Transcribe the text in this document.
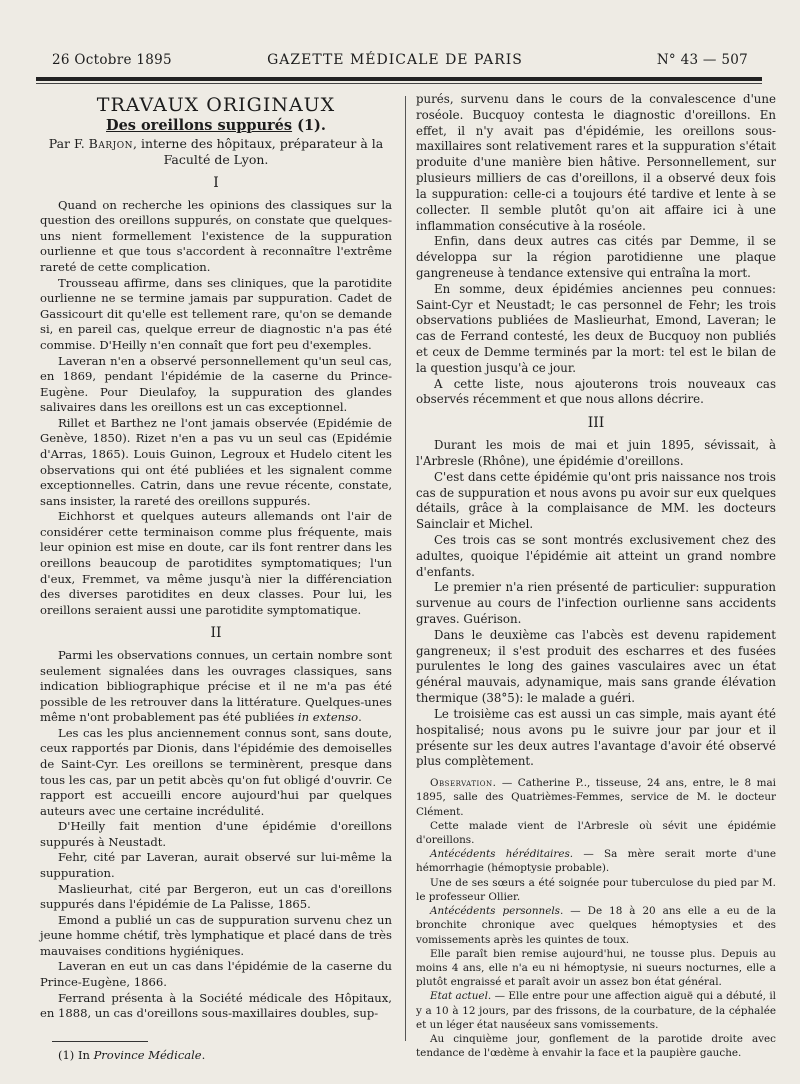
26 Octobre 1895	GAZETTE MÉDICALE DE PARIS	N° 43 — 507
TRAVAUX ORIGINAUX
Des oreillons suppurés (1).
Par F. Barjon, interne des hôpitaux, préparateur à la Faculté de Lyon.
I

Quand on recherche les opinions des classiques sur la question des oreillons suppurés, on constate que quelques-uns nient formellement l'existence de la suppuration ourlienne et que tous s'accordent à reconnaître l'extrême rareté de cette complication.

Trousseau affirme, dans ses cliniques, que la parotidite ourlienne ne se termine jamais par suppuration. Cadet de Gassicourt dit qu'elle est tellement rare, qu'on se demande si, en pareil cas, quelque erreur de diagnostic n'a pas été commise. D'Heilly n'en connaît que fort peu d'exemples.

Laveran n'en a observé personnellement qu'un seul cas, en 1869, pendant l'épidémie de la caserne du Prince-Eugène. Pour Dieulafoy, la suppuration des glandes salivaires dans les oreillons est un cas exceptionnel.

Rillet et Barthez ne l'ont jamais observée (Epidémie de Genève, 1850). Rizet n'en a pas vu un seul cas (Epidémie d'Arras, 1865). Louis Guinon, Legroux et Hudelo citent les observations qui ont été publiées et les signalent comme exceptionnelles. Catrin, dans une revue récente, constate, sans insister, la rareté des oreillons suppurés.

Eichhorst et quelques auteurs allemands ont l'air de considérer cette terminaison comme plus fréquente, mais leur opinion est mise en doute, car ils font rentrer dans les oreillons beaucoup de parotidites symptomatiques; l'un d'eux, Fremmet, va même jusqu'à nier la différenciation des diverses parotidites en deux classes. Pour lui, les oreillons seraient aussi une parotidite symptomatique.

II

Parmi les observations connues, un certain nombre sont seulement signalées dans les ouvrages classiques, sans indication bibliographique précise et il ne m'a pas été possible de les retrouver dans la littérature. Quelques-unes même n'ont probablement pas été publiées in extenso.

Les cas les plus anciennement connus sont, sans doute, ceux rapportés par Dionis, dans l'épidémie des demoiselles de Saint-Cyr. Les oreillons se terminèrent, presque dans tous les cas, par un petit abcès qu'on fut obligé d'ouvrir. Ce rapport est accueilli encore aujourd'hui par quelques auteurs avec une certaine incrédulité.

D'Heilly fait mention d'une épidémie d'oreillons suppurés à Neustadt.

Fehr, cité par Laveran, aurait observé sur lui-même la suppuration.

Maslieurhat, cité par Bergeron, eut un cas d'oreillons suppurés dans l'épidémie de La Palisse, 1865.

Emond a publié un cas de suppuration survenu chez un jeune homme chétif, très lymphatique et placé dans de très mauvaises conditions hygiéniques.

Laveran en eut un cas dans l'épidémie de la caserne du Prince-Eugène, 1866.

Ferrand présenta à la Société médicale des Hôpitaux, en 1888, un cas d'oreillons sous-maxillaires doubles, sup-

purés, survenu dans le cours de la convalescence d'une roséole. Bucquoy contesta le diagnostic d'oreillons. En effet, il n'y avait pas d'épidémie, les oreillons sous-maxillaires sont relativement rares et la suppuration s'était produite d'une manière bien hâtive. Personnellement, sur plusieurs milliers de cas d'oreillons, il a observé deux fois la suppuration: celle-ci a toujours été tardive et lente à se collecter. Il semble plutôt qu'on ait affaire ici à une inflammation consécutive à la roséole.

Enfin, dans deux autres cas cités par Demme, il se développa sur la région parotidienne une plaque gangreneuse à tendance extensive qui entraîna la mort.

En somme, deux épidémies anciennes peu connues: Saint-Cyr et Neustadt; le cas personnel de Fehr; les trois observations publiées de Maslieurhat, Emond, Laveran; le cas de Ferrand contesté, les deux de Bucquoy non publiés et ceux de Demme terminés par la mort: tel est le bilan de la question jusqu'à ce jour.

A cette liste, nous ajouterons trois nouveaux cas observés récemment et que nous allons décrire.

III

Durant les mois de mai et juin 1895, sévissait, à l'Arbresle (Rhône), une épidémie d'oreillons.

C'est dans cette épidémie qu'ont pris naissance nos trois cas de suppuration et nous avons pu avoir sur eux quelques détails, grâce à la complaisance de MM. les docteurs Sainclair et Michel.

Ces trois cas se sont montrés exclusivement chez des adultes, quoique l'épidémie ait atteint un grand nombre d'enfants.

Le premier n'a rien présenté de particulier: suppuration survenue au cours de l'infection ourlienne sans accidents graves. Guérison.

Dans le deuxième cas l'abcès est devenu rapidement gangreneux; il s'est produit des escharres et des fusées purulentes le long des gaines vasculaires avec un état général mauvais, adynamique, mais sans grande élévation thermique (38°5): le malade a guéri.

Le troisième cas est aussi un cas simple, mais ayant été hospitalisé; nous avons pu le suivre jour par jour et il présente sur les deux autres l'avantage d'avoir été observé plus complètement.

Observation. — Catherine P.., tisseuse, 24 ans, entre, le 8 mai 1895, salle des Quatrièmes-Femmes, service de M. le docteur Clément.

Cette malade vient de l'Arbresle où sévit une épidémie d'oreillons.

Antécédents héréditaires. — Sa mère serait morte d'une hémorrhagie (hémoptysie probable).

Une de ses sœurs a été soignée pour tuberculose du pied par M. le professeur Ollier.

Antécédents personnels. — De 18 à 20 ans elle a eu de la bronchite chronique avec quelques hémoptysies et des vomissements après les quintes de toux.

Elle paraît bien remise aujourd'hui, ne tousse plus. Depuis au moins 4 ans, elle n'a eu ni hémoptysie, ni sueurs nocturnes, elle a plutôt engraissé et paraît avoir un assez bon état général.

Etat actuel. — Elle entre pour une affection aiguë qui a débuté, il y a 10 à 12 jours, par des frissons, de la courbature, de la céphalée et un léger état nauséeux sans vomissements.

Au cinquième jour, gonflement de la parotide droite avec tendance de l'œdème à envahir la face et la paupière gauche.

(1) In Province Médicale.
